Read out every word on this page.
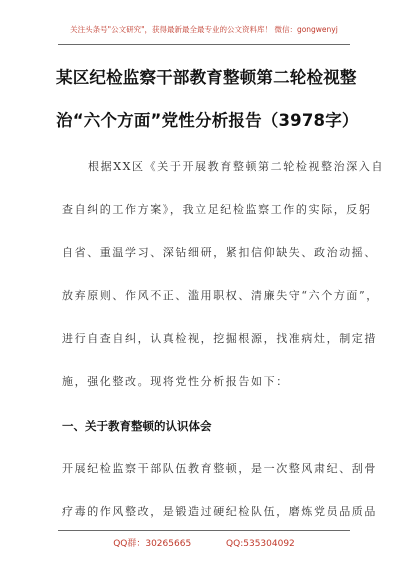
关注头条号"公文研究"，获得最新最全最专业的公文资料库！ 微信：gongwenyj
某区纪检监察干部教育整顿第二轮检视整
治“六个方面”党性分析报告（3978字）
根据XX区《关于开展教育整顿第二轮检视整治深入自
查自纠的工作方案》，我立足纪检监察工作的实际，反躬
自省、重温学习、深钻细研，紧扣信仰缺失、政治动摇、
放弃原则、作风不正、滥用职权、清廉失守“六个方面”，
进行自查自纠，认真检视，挖掘根源，找准病灶，制定措
施，强化整改。现将党性分析报告如下：
一、关于教育整顿的认识体会
开展纪检监察干部队伍教育整顿，是一次整风肃纪、刮骨
疗毒的作风整改，是锻造过硬纪检队伍，磨炼党员品质品
QQ群：30265665	QQ:535304092
